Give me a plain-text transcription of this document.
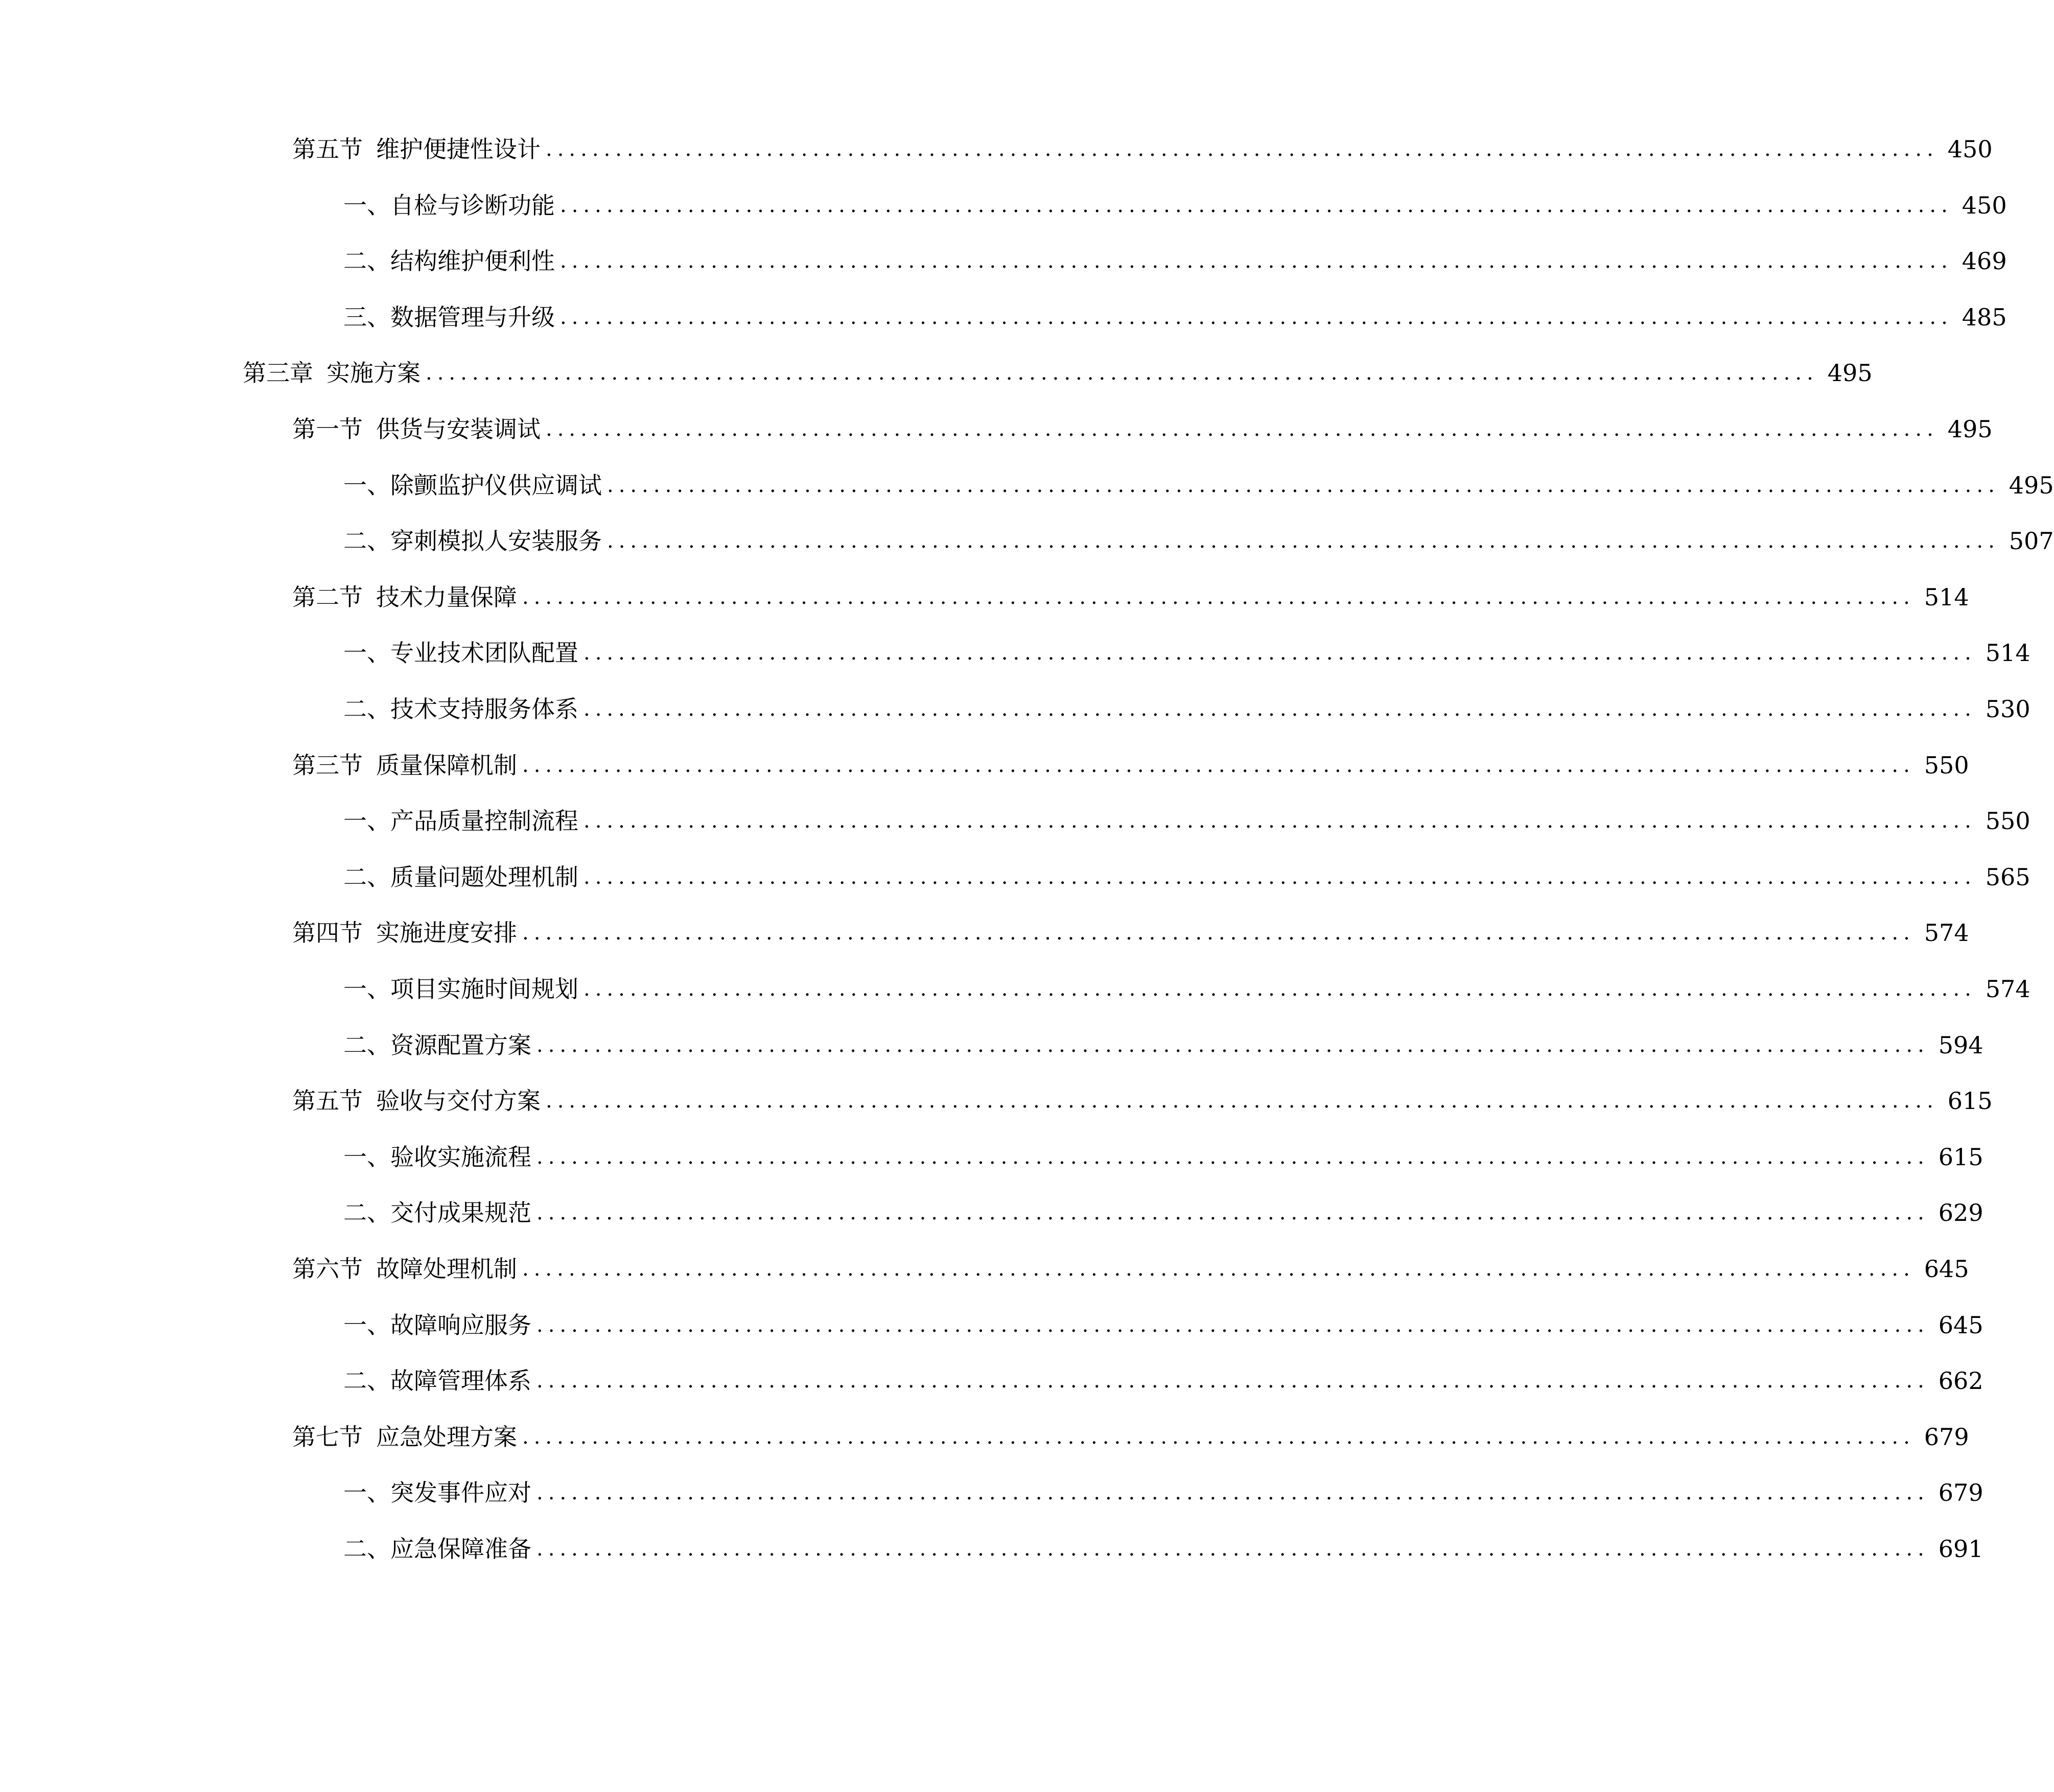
第五节 维护便捷性设计 ........................................................................................................................ 450
一、 自检与诊断功能 ........................................................................................................................ 450
二、 结构维护便利性 ........................................................................................................................ 469
三、 数据管理与升级 ........................................................................................................................ 485
第三章 实施方案 ........................................................................................................................ 495
第一节 供货与安装调试 ........................................................................................................................ 495
一、 除颤监护仪供应调试 ........................................................................................................................ 495
二、 穿刺模拟人安装服务 ........................................................................................................................ 507
第二节 技术力量保障 ........................................................................................................................ 514
一、 专业技术团队配置 ........................................................................................................................ 514
二、 技术支持服务体系 ........................................................................................................................ 530
第三节 质量保障机制 ........................................................................................................................ 550
一、 产品质量控制流程 ........................................................................................................................ 550
二、 质量问题处理机制 ........................................................................................................................ 565
第四节 实施进度安排 ........................................................................................................................ 574
一、 项目实施时间规划 ........................................................................................................................ 574
二、 资源配置方案 ........................................................................................................................ 594
第五节 验收与交付方案 ........................................................................................................................ 615
一、 验收实施流程 ........................................................................................................................ 615
二、 交付成果规范 ........................................................................................................................ 629
第六节 故障处理机制 ........................................................................................................................ 645
一、 故障响应服务 ........................................................................................................................ 645
二、 故障管理体系 ........................................................................................................................ 662
第七节 应急处理方案 ........................................................................................................................ 679
一、 突发事件应对 ........................................................................................................................ 679
二、 应急保障准备 ........................................................................................................................ 691
